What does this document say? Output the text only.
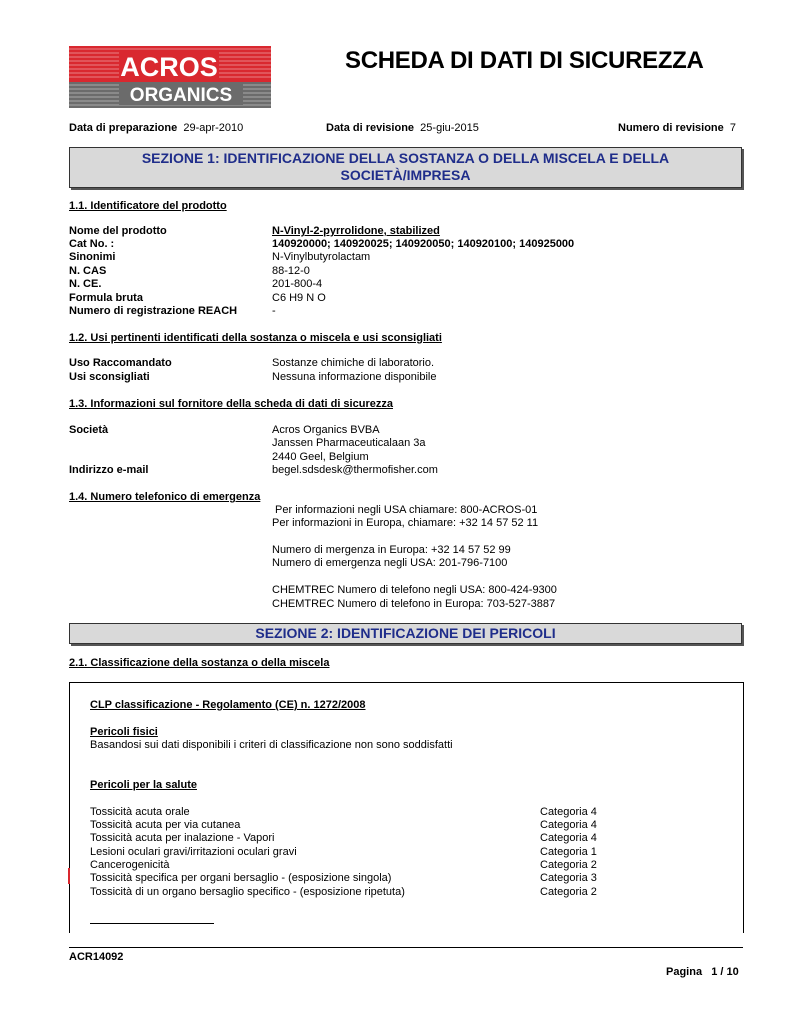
ACROS
ORGANICS
SCHEDA DI DATI DI SICUREZZA
Data di preparazione 29-apr-2010	Data di revisione 25-giu-2015	Numero di revisione 7
SEZIONE 1: IDENTIFICAZIONE DELLA SOSTANZA O DELLA MISCELA E DELLA
SOCIETÀ/IMPRESA
1.1. Identificatore del prodotto
Nome del prodotto	N-Vinyl-2-pyrrolidone, stabilized
Cat No. :	140920000; 140920025; 140920050; 140920100; 140925000
Sinonimi	N-Vinylbutyrolactam
N. CAS	88-12-0
N. CE.	201-800-4
Formula bruta	C6 H9 N O
Numero di registrazione REACH	-
1.2. Usi pertinenti identificati della sostanza o miscela e usi sconsigliati
Uso Raccomandato	Sostanze chimiche di laboratorio.
Usi sconsigliati	Nessuna informazione disponibile
1.3. Informazioni sul fornitore della scheda di dati di sicurezza
Società	Acros Organics BVBA
Janssen Pharmaceuticalaan 3a
2440 Geel, Belgium
Indirizzo e-mail	begel.sdsdesk@thermofisher.com
1.4. Numero telefonico di emergenza
Per informazioni negli USA chiamare: 800-ACROS-01
Per informazioni in Europa, chiamare: +32 14 57 52 11
Numero di mergenza in Europa: +32 14 57 52 99
Numero di emergenza negli USA: 201-796-7100
CHEMTREC Numero di telefono negli USA: 800-424-9300
CHEMTREC Numero di telefono in Europa: 703-527-3887
SEZIONE 2: IDENTIFICAZIONE DEI PERICOLI
2.1. Classificazione della sostanza o della miscela
CLP classificazione - Regolamento (CE) n. 1272/2008
Pericoli fisici
Basandosi sui dati disponibili i criteri di classificazione non sono soddisfatti
Pericoli per la salute
Tossicità acuta orale	Categoria 4
Tossicità acuta per via cutanea	Categoria 4
Tossicità acuta per inalazione - Vapori	Categoria 4
Lesioni oculari gravi/irritazioni oculari gravi	Categoria 1
Cancerogenicità	Categoria 2
Tossicità specifica per organi bersaglio - (esposizione singola)	Categoria 3
Tossicità di un organo bersaglio specifico - (esposizione ripetuta)	Categoria 2
ACR14092
Pagina 1 / 10
